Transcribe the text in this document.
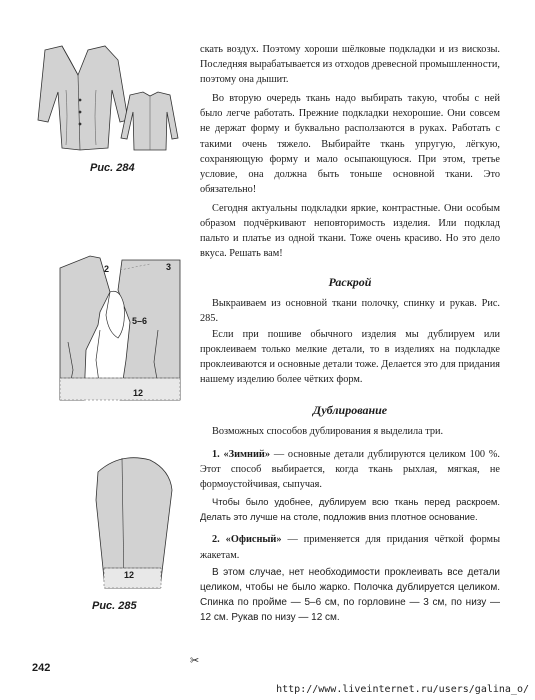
Рис. 284
2	3
5–6
12
12
Рис. 285

скать воздух. Поэтому хороши шёлковые подкладки и из вискозы. Последняя вырабатывается из отходов древесной промышленности, поэтому она дышит.

Во вторую очередь ткань надо выбирать такую, чтобы с ней было легче работать. Прежние подкладки нехорошие. Они совсем не держат форму и буквально расползаются в руках. Работать с такими очень тяжело. Выбирайте ткань упругую, лёгкую, сохраняющую форму и мало осыпающуюся. При этом, третье условие, она должна быть тоньше основной ткани. Это обязательно!

Сегодня актуальны подкладки яркие, контрастные. Они особым образом подчёркивают неповторимость изделия. Или подклад пальто и платье из одной ткани. Тоже очень красиво. Но это дело вкуса. Решать вам!

Раскрой

Выкраиваем из основной ткани полочку, спинку и рукав. Рис. 285.

Если при пошиве обычного изделия мы дублируем или проклеиваем только мелкие детали, то в изделиях на подкладке проклеиваются и основные детали тоже. Делается это для придания нашему изделию более чётких форм.

Дублирование

Возможных способов дублирования я выделила три.

1. «Зимний» — основные детали дублируются целиком 100 %. Этот способ выбирается, когда ткань рыхлая, мягкая, не формоустойчивая, сыпучая.

Чтобы было удобнее, дублируем всю ткань перед раскроем. Делать это лучше на столе, подложив вниз плотное основание.

2. «Офисный» — применяется для придания чёткой формы жакетам.

В этом случае, нет необходимости проклеивать все детали целиком, чтобы не было жарко. Полочка дублируется целиком. Спинка по пройме — 5–6 см, по горловине — 3 см, по низу — 12 см. Рукав по низу — 12 см.

242
✂
http://www.liveinternet.ru/users/galina_o/
